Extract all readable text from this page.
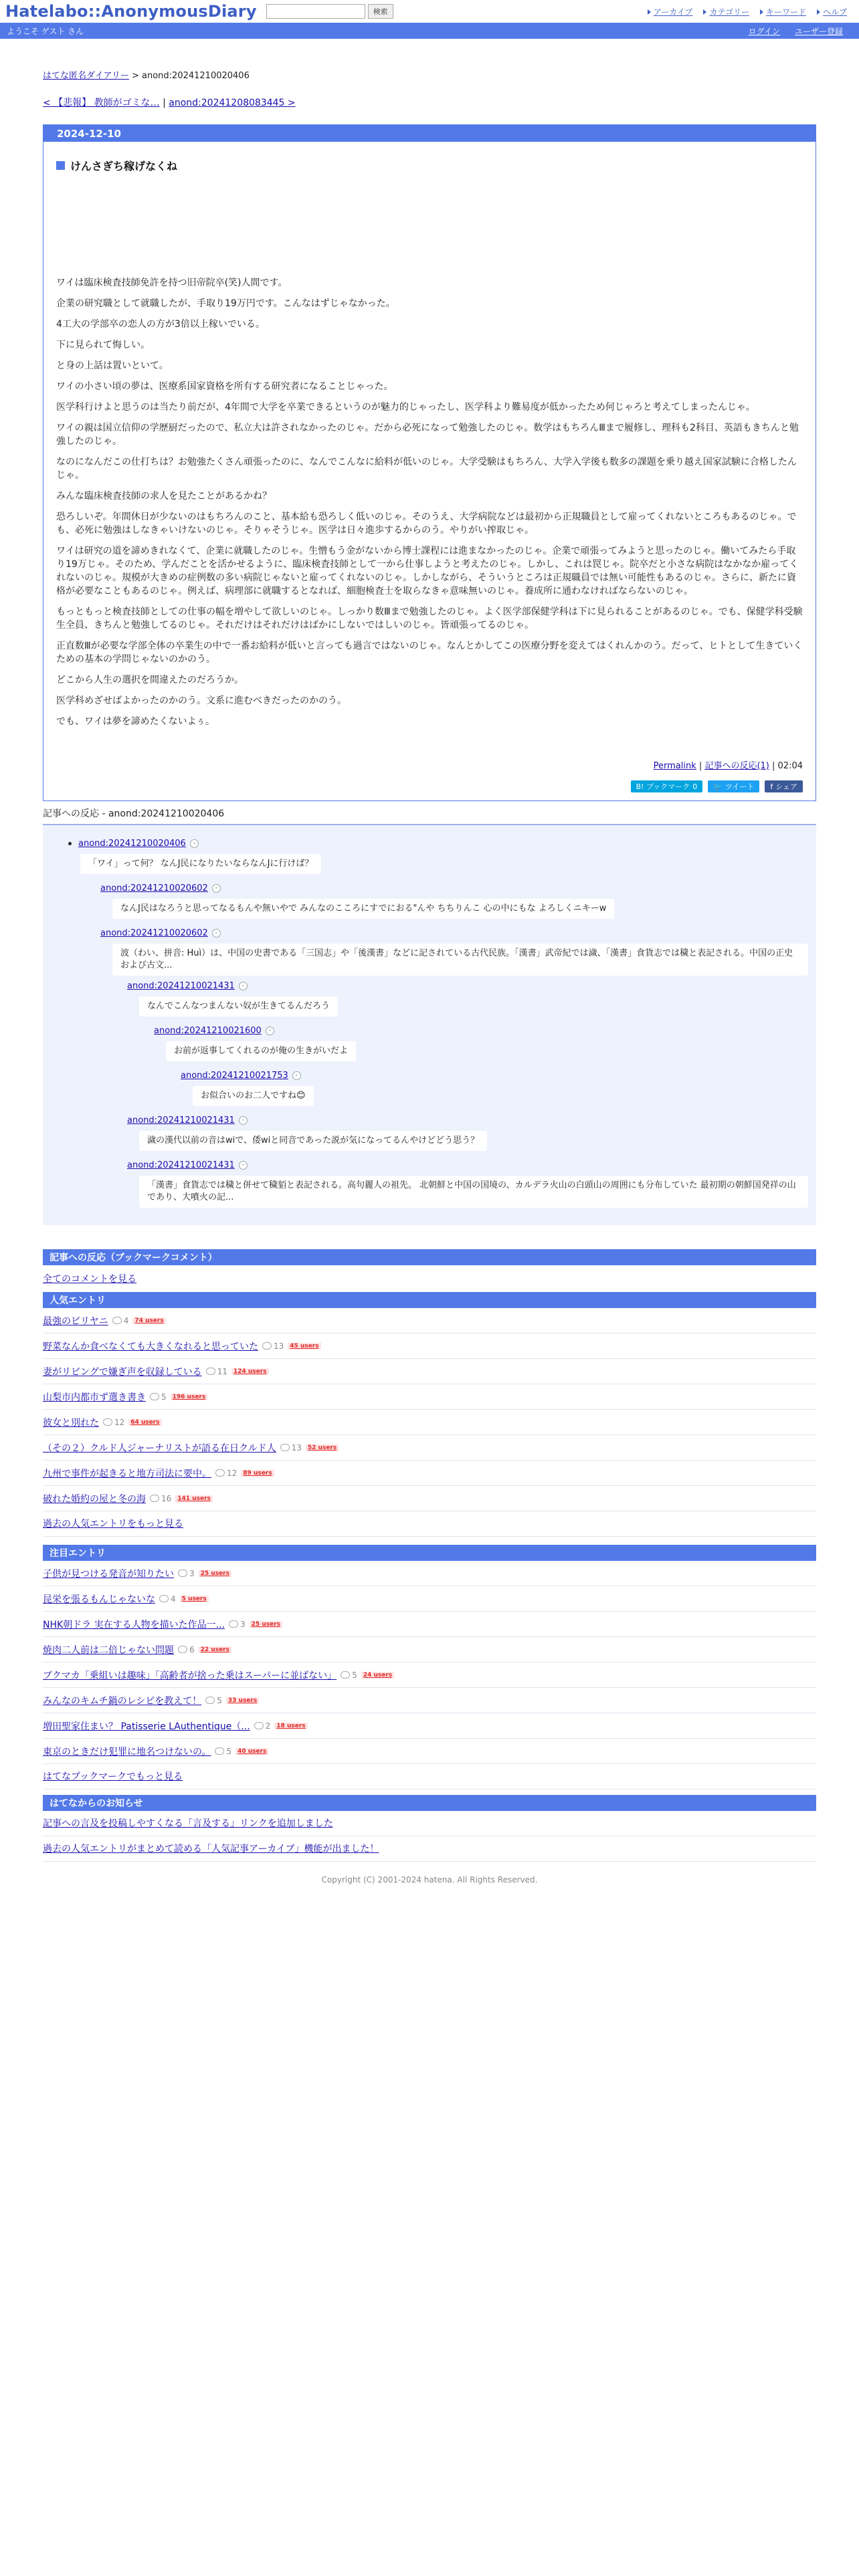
Hatelabo::AnonymousDiary	検索	アーカイブ	カテゴリー	キーワード	ヘルプ
ようこそ ゲスト さん	ログイン ユーザー登録
はてな匿名ダイアリー > anond:20241210020406
< 【悲報】 教師がゴミな… | anond:20241208083445 >
2024-12-10
けんさぎち稼げなくね

ワイは臨床検査技師免許を持つ旧帝院卒(笑)人間です。

企業の研究職として就職したが、手取り19万円です。こんなはずじゃなかった。

4工大の学部卒の恋人の方が3倍以上稼いでいる。

下に見られて悔しい。

と身の上話は置いといて。

ワイの小さい頃の夢は、医療系国家資格を所有する研究者になることじゃった。

医学科行けよと思うのは当たり前だが、4年間で大学を卒業できるというのが魅力的じゃったし、医学科より難易度が低かったため何じゃろと考えてしまったんじゃ。

ワイの親は国立信仰の学歴厨だったので、私立大は許されなかったのじゃ。だから必死になって勉強したのじゃ。数学はもちろんⅢまで履修し、理科も2科目、英語もきちんと勉強したのじゃ。

なのになんだこの仕打ちは？お勉強たくさん頑張ったのに、なんでこんなに給料が低いのじゃ。大学受験はもちろん、大学入学後も数多の課題を乗り越え国家試験に合格したんじゃ。

みんな臨床検査技師の求人を見たことがあるかね？

恐ろしいぞ。年間休日が少ないのはもちろんのこと、基本給も恐ろしく低いのじゃ。そのうえ、大学病院などは最初から正規職員として雇ってくれないところもあるのじゃ。でも、必死に勉強はしなきゃいけないのじゃ。そりゃそうじゃ。医学は日々進歩するからのう。やりがい搾取じゃ。

ワイは研究の道を諦めきれなくて、企業に就職したのじゃ。生憎もう金がないから博士課程には進まなかったのじゃ。企業で頑張ってみようと思ったのじゃ。働いてみたら手取り19万じゃ。そのため、学んだことを活かせるように、臨床検査技師として一から仕事しようと考えたのじゃ。しかし、これは罠じゃ。院卒だと小さな病院はなかなか雇ってくれないのじゃ。規模が大きめの症例数の多い病院じゃないと雇ってくれないのじゃ。しかしながら、そういうところは正規職員では無い可能性もあるのじゃ。さらに、新たに資格が必要なこともあるのじゃ。例えば、病理部に就職するとなれば、細胞検査士を取らなきゃ意味無いのじゃ。養成所に通わなければならないのじゃ。

もっともっと検査技師としての仕事の幅を増やして欲しいのじゃ。しっかり数Ⅲまで勉強したのじゃ。よく医学部保健学科は下に見られることがあるのじゃ。でも、保健学科受験生全員、きちんと勉強してるのじゃ。それだけはそれだけはばかにしないではしいのじゃ。皆頑張ってるのじゃ。

正直数Ⅲが必要な学部全体の卒業生の中で一番お給料が低いと言っても過言ではないのじゃ。なんとかしてこの医療分野を変えてはくれんかのう。だって、ヒトとして生きていくための基本の学問じゃないのかのう。

どこから人生の選択を間違えたのだろうか。

医学科めざせばよかったのかのう。文系に進むべきだったのかのう。

でも、ワイは夢を諦めたくないよぅ。

Permalink | 記事への反応(1) | 02:04
B! ブックマーク 0 🐦 ツイート f シェア
記事への反応 - anond:20241210020406
anond:20241210020406	-
「ワイ」って何？ なんJ民になりたいならなんJに行けば？
anond:20241210020602	-
なんJ民はなろうと思ってなるもんや無いやで みんなのこころにすでにおる"んや ちちりんこ 心の中にもな よろしくニキーw
anond:20241210020602	-
波（わい、拼音: Huì）は、中国の史書である「三国志」や「後漢書」などに記されている古代民族。「漢書」武帝紀では濊、「漢書」食貨志では穢と表記される。中国の正史および古文...
anond:20241210021431	-
なんでこんなつまんない奴が生きてるんだろう
anond:20241210021600	-
お前が返事してくれるのが俺の生きがいだよ
anond:20241210021753	-
お似合いのお二人ですね😊
anond:20241210021431	-
濊の漢代以前の音はwiで、倭wiと同音であった説が気になってるんやけどどう思う？
anond:20241210021431	-
「漢書」食貨志では穢と併せて穢貊と表記される。高句麗人の祖先。 北朝鮮と中国の国境の、カルデラ火山の白頭山の周囲にも分布していた 最初期の朝鮮国発祥の山であり、大噴火の記...
記事への反応（ブックマークコメント）
全てのコメントを見る
人気エントリ
最強のビリヤニ 4	74 users
野菜なんか食べなくても大きくなれると思っていた 13	45 users
妻がリビングで嫌ぎ声を収録している 11	124 users
山梨市内都市ず選き書き 5	196 users
彼女と別れた 12	64 users
（その２）クルド人ジャーナリストが語る在日クルド人 13	52 users
九州で事件が起きると地方司法に要中。 12	89 users
破れた婚約の屋と冬の海 16	141 users
過去の人気エントリをもっと見る
注目エントリ
子供が見つける発音が知りたい 3	25 users
昆栄を張るもんじゃないな 4	5 users
NHK朝ドラ 実在する人物を描いた作品一... 3	25 users
焼肉二人前は二倍じゃない問題 6	22 users
ブクマカ「乗組いは趣味」「高齢者が捨った乗はスーパーに並ばない」 5	24 users
みんなのキムチ鍋のレシピを教えて！ 5	33 users
増田聖家住まい？ Patisserie LAuthentique（... 2	18 users
東京のときだけ犯罪に地名つけないの。 5	40 users
はてなブックマークでもっと見る
はてなからのお知らせ
記事への言及を投稿しやすくなる「言及する」リンクを追加しました
過去の人気エントリがまとめて読める「人気記事アーカイブ」機能が出ました！
Copyright (C) 2001-2024 hatena. All Rights Reserved.
